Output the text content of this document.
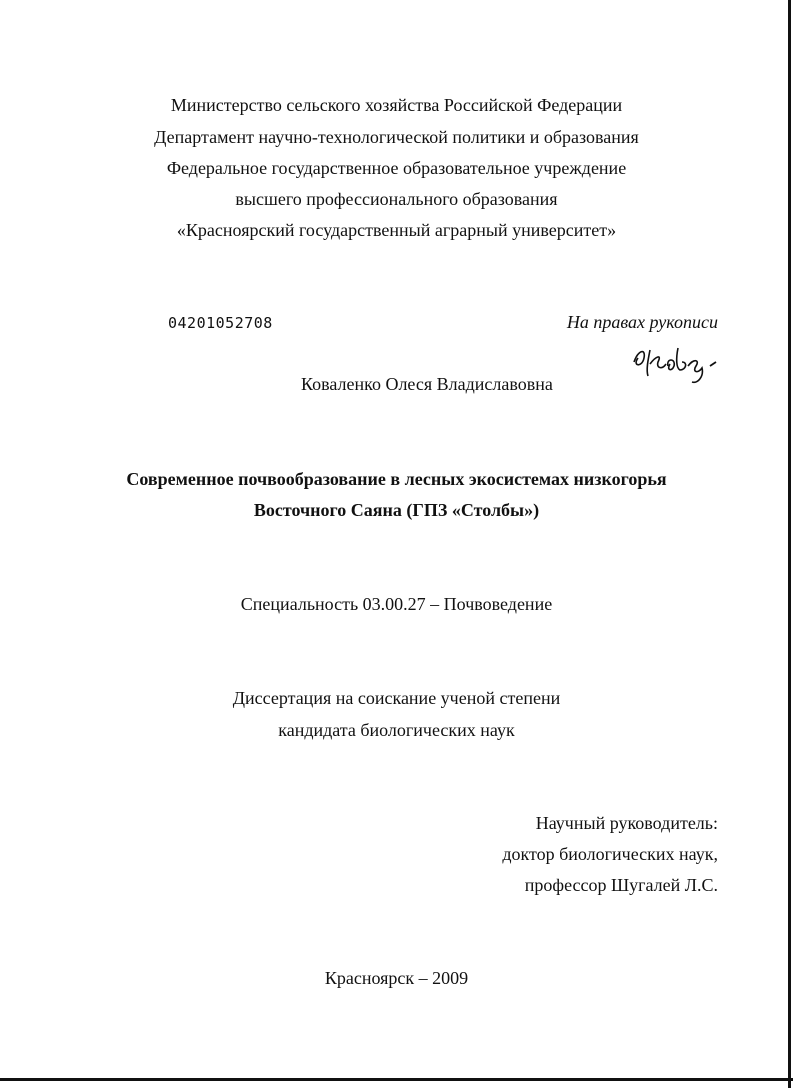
Министерство сельского хозяйства Российской Федерации
Департамент научно-технологической политики и образования
Федеральное государственное образовательное учреждение
высшего профессионального образования
«Красноярский государственный аграрный университет»
04201052708	На правах рукописи
Коваленко Олеся Владиславовна
Современное почвообразование в лесных экосистемах низкогорья
Восточного Саяна (ГПЗ «Столбы»)
Специальность 03.00.27 – Почвоведение
Диссертация на соискание ученой степени
кандидата биологических наук
Научный руководитель:
доктор биологических наук,
профессор Шугалей Л.С.
Красноярск – 2009
